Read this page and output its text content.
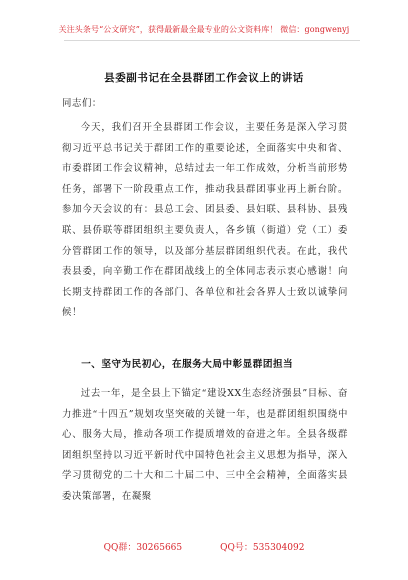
关注头条号“公文研究”，获得最新最全最专业的公文资料库！ 微信：gongwenyj
县委副书记在全县群团工作会议上的讲话
同志们：
今天，我们召开全县群团工作会议，主要任务是深入学习贯彻习近平总书记关于群团工作的重要论述，全面落实中央和省、市委群团工作会议精神，总结过去一年工作成效，分析当前形势任务，部署下一阶段重点工作，推动我县群团事业再上新台阶。参加今天会议的有：县总工会、团县委、县妇联、县科协、县残联、县侨联等群团组织主要负责人，各乡镇（街道）党（工）委分管群团工作的领导，以及部分基层群团组织代表。在此，我代表县委，向辛勤工作在群团战线上的全体同志表示衷心感谢！向长期支持群团工作的各部门、各单位和社会各界人士致以诚挚问候！
一、坚守为民初心，在服务大局中彰显群团担当
过去一年，是全县上下锚定“建设XX生态经济强县”目标、奋力推进“十四五”规划攻坚突破的关键一年，也是群团组织围绕中心、服务大局，推动各项工作提质增效的奋进之年。全县各级群团组织坚持以习近平新时代中国特色社会主义思想为指导，深入学习贯彻党的二十大和二十届二中、三中全会精神，全面落实县委决策部署，在凝聚
QQ群：30265665	QQ号：535304092
